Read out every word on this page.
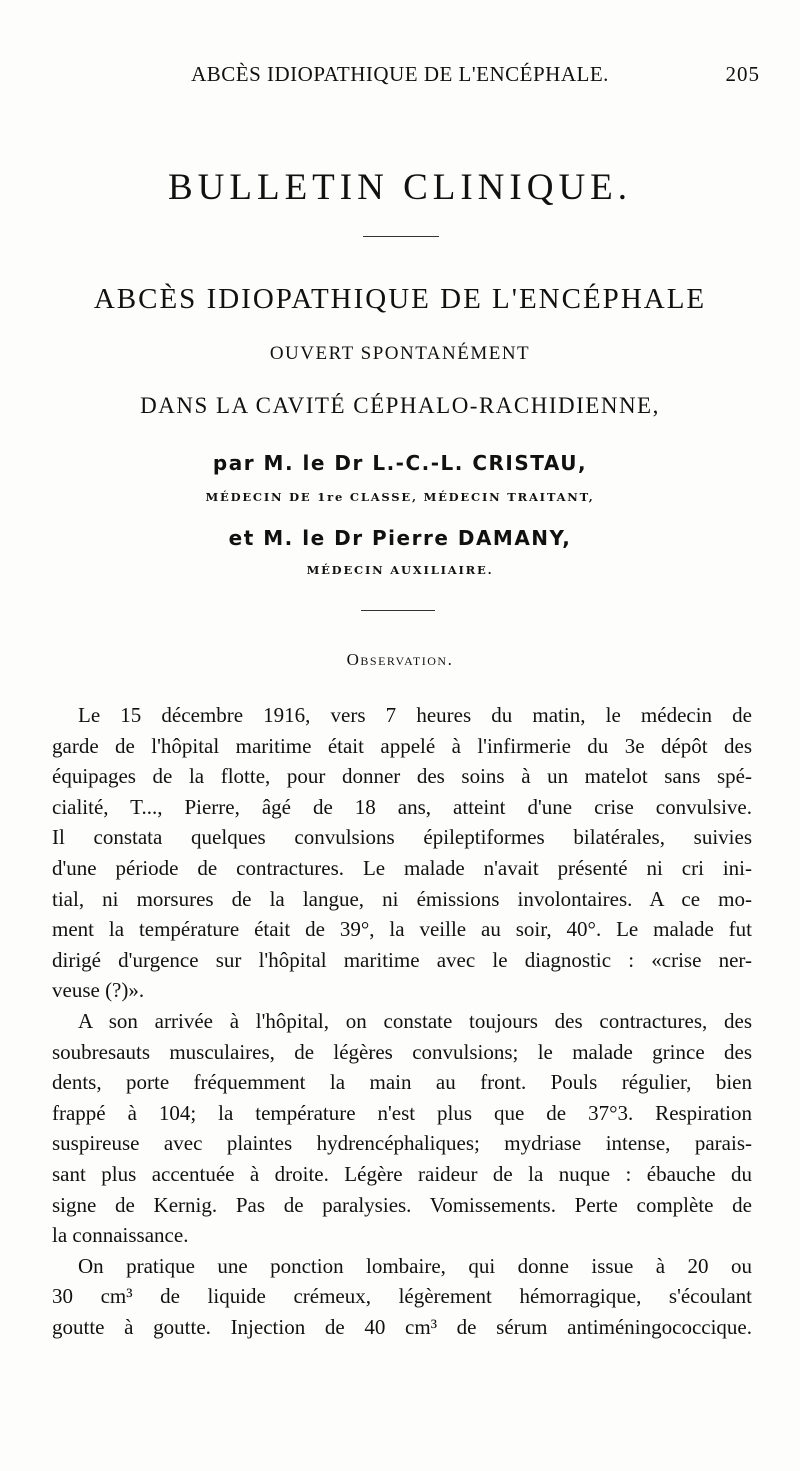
ABCÈS IDIOPATHIQUE DE L'ENCÉPHALE.	205
BULLETIN CLINIQUE.
ABCÈS IDIOPATHIQUE DE L'ENCÉPHALE
OUVERT SPONTANÉMENT
DANS LA CAVITÉ CÉPHALO-RACHIDIENNE,
par M. le Dr L.-C.-L. CRISTAU,
MÉDECIN DE 1re CLASSE, MÉDECIN TRAITANT,
et M. le Dr Pierre DAMANY,
MÉDECIN AUXILIAIRE.
Observation.
Le 15 décembre 1916, vers 7 heures du matin, le médecin de
garde de l'hôpital maritime était appelé à l'infirmerie du 3e dépôt des
équipages de la flotte, pour donner des soins à un matelot sans spé-
cialité, T..., Pierre, âgé de 18 ans, atteint d'une crise convulsive.
Il constata quelques convulsions épileptiformes bilatérales, suivies
d'une période de contractures. Le malade n'avait présenté ni cri ini-
tial, ni morsures de la langue, ni émissions involontaires. A ce mo-
ment la température était de 39°, la veille au soir, 40°. Le malade fut
dirigé d'urgence sur l'hôpital maritime avec le diagnostic : «crise ner-
veuse (?)».
A son arrivée à l'hôpital, on constate toujours des contractures, des
soubresauts musculaires, de légères convulsions; le malade grince des
dents, porte fréquemment la main au front. Pouls régulier, bien
frappé à 104; la température n'est plus que de 37°3. Respiration
suspireuse avec plaintes hydrencéphaliques; mydriase intense, parais-
sant plus accentuée à droite. Légère raideur de la nuque : ébauche du
signe de Kernig. Pas de paralysies. Vomissements. Perte complète de
la connaissance.
On pratique une ponction lombaire, qui donne issue à 20 ou
30 cm³ de liquide crémeux, légèrement hémorragique, s'écoulant
goutte à goutte. Injection de 40 cm³ de sérum antiméningococcique.
